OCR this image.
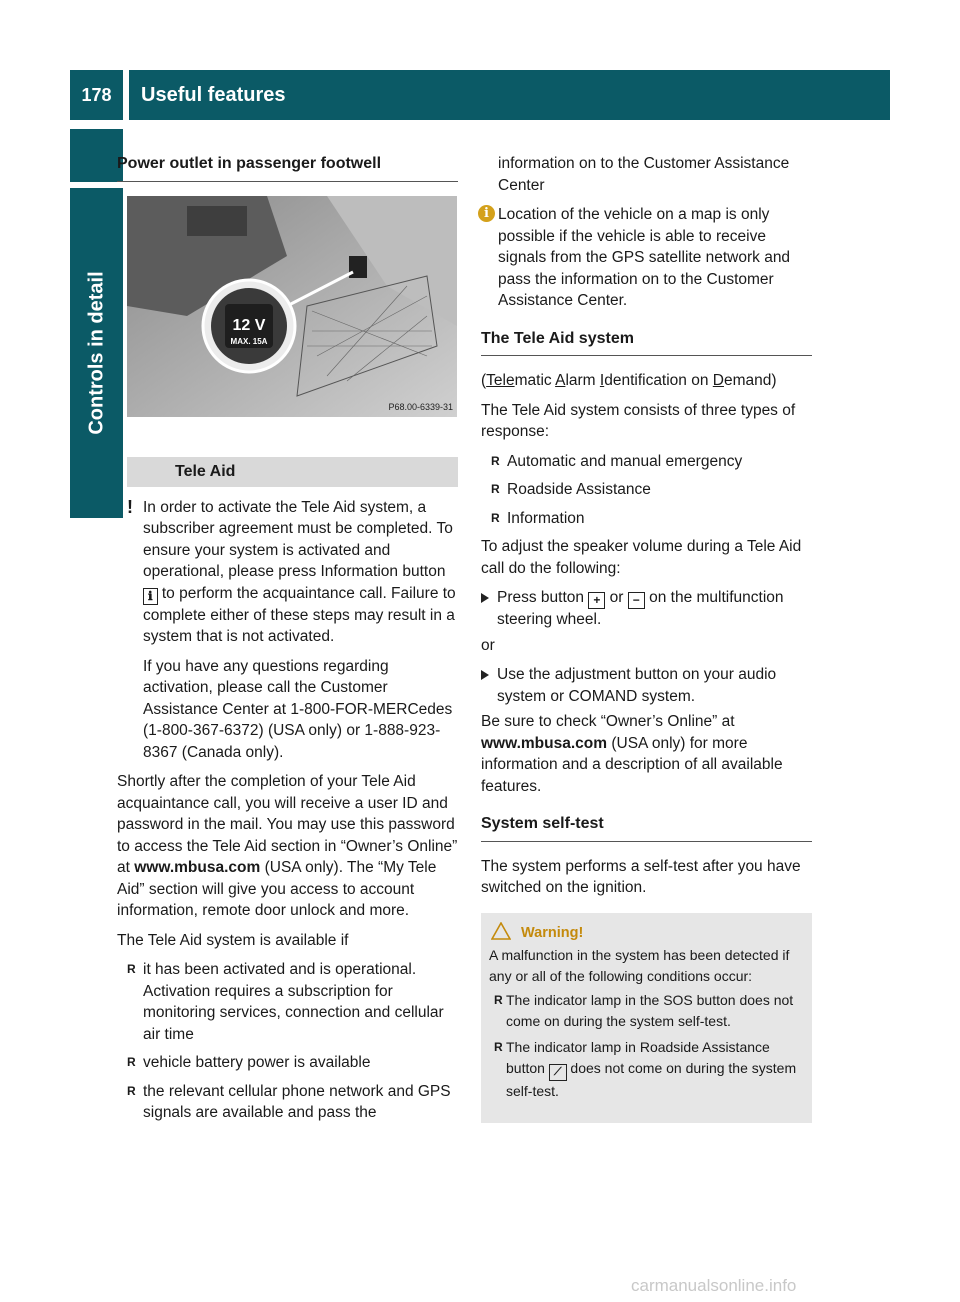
178	Useful features
Controls in detail
Power outlet in passenger footwell
12 V
MAX. 15A
P68.00-6339-31
Tele Aid

! In order to activate the Tele Aid system, a subscriber agreement must be completed. To ensure your system is activated and operational, please press Information button ℹ to perform the acquaintance call. Failure to complete either of these steps may result in a system that is not activated.

If you have any questions regarding activation, please call the Customer Assistance Center at 1-800-FOR-MERCedes (1-800-367-6372) (USA only) or 1-888-923-8367 (Canada only).

Shortly after the completion of your Tele Aid acquaintance call, you will receive a user ID and password in the mail. You may use this password to access the Tele Aid section in “Owner’s Online” at www.mbusa.com (USA only). The “My Tele Aid” section will give you access to account information, remote door unlock and more.

The Tele Aid system is available if

R it has been activated and is operational. Activation requires a subscription for monitoring services, connection and cellular air time
R vehicle battery power is available
R the relevant cellular phone network and GPS signals are available and pass the

information on to the Customer Assistance Center

i Location of the vehicle on a map is only possible if the vehicle is able to receive signals from the GPS satellite network and pass the information on to the Customer Assistance Center.

The Tele Aid system

(Telematic Alarm Identification on Demand)

The Tele Aid system consists of three types of response:

R Automatic and manual emergency
R Roadside Assistance
R Information

To adjust the speaker volume during a Tele Aid call do the following:

Press button + or − on the multifunction steering wheel.

or

Use the adjustment button on your audio system or COMAND system.

Be sure to check “Owner’s Online” at www.mbusa.com (USA only) for more information and a description of all available features.

System self-test

The system performs a self-test after you have switched on the ignition.

Warning!
A malfunction in the system has been detected if any or all of the following conditions occur:
R The indicator lamp in the SOS button does not come on during the system self-test.
R The indicator lamp in Roadside Assistance button ⟋ does not come on during the system self-test.
carmanualsonline.info
